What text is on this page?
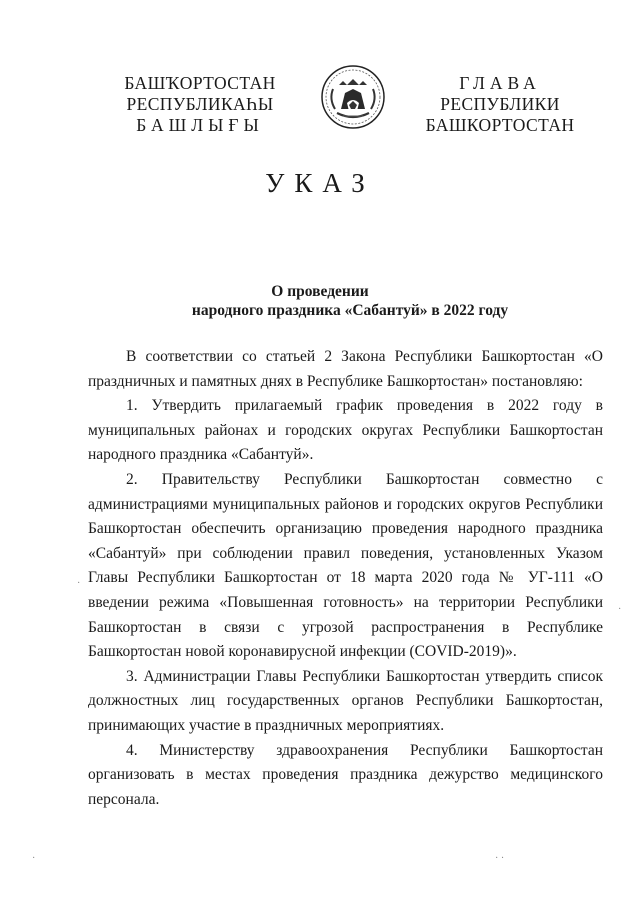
БАШҠОРТОСТАН
РЕСПУБЛИКАҺЫ
БАШЛЫҒЫ
ГЛАВА
РЕСПУБЛИКИ
БАШКОРТОСТАН
УКАЗ
О проведении
народного праздника «Сабантуй» в 2022 году

В соответствии со статьей 2 Закона Республики Башкортостан «О праздничных и памятных днях в Республике Башкортостан» постановляю:

1. Утвердить прилагаемый график проведения в 2022 году в муниципальных районах и городских округах Республики Башкортостан народного праздника «Сабантуй».

2. Правительству Республики Башкортостан совместно с администрациями муниципальных районов и городских округов Республики Башкортостан обеспечить организацию проведения народного праздника «Сабантуй» при соблюдении правил поведения, установленных Указом Главы Республики Башкортостан от 18 марта 2020 года № УГ-111 «О введении режима «Повышенная готовность» на территории Республики Башкортостан в связи с угрозой распространения в Республике Башкортостан новой коронавирусной инфекции (COVID-2019)».

3. Администрации Главы Республики Башкортостан утвердить список должностных лиц государственных органов Республики Башкортостан, принимающих участие в праздничных мероприятиях.

4. Министерству здравоохранения Республики Башкортостан организовать в местах проведения праздника дежурство медицинского персонала.

·
·
·	· ·
